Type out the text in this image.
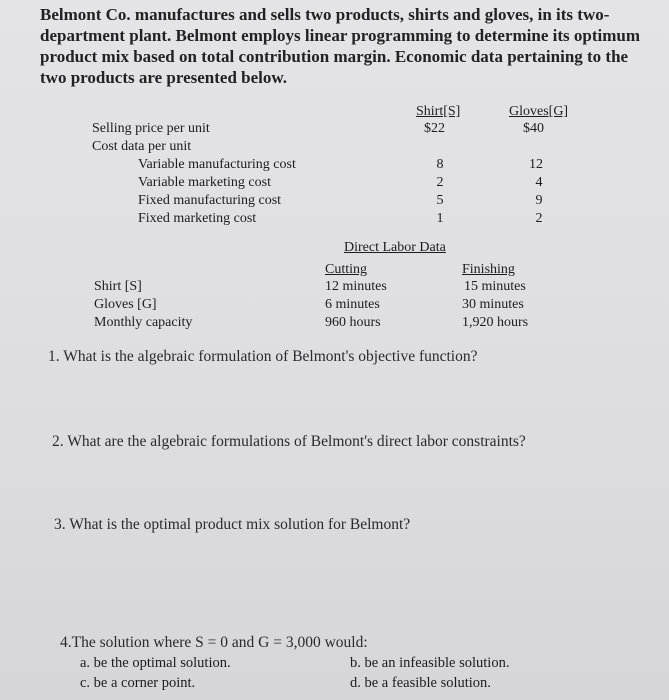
Belmont Co. manufactures and sells two products, shirts and gloves, in its two-
department plant. Belmont employs linear programming to determine its optimum
product mix based on total contribution margin. Economic data pertaining to the
two products are presented below.
Shirt[S]	Gloves[G]
Selling price per unit	$22	$40
Cost data per unit
Variable manufacturing cost	8	12
Variable marketing cost	2	4
Fixed manufacturing cost	5	9
Fixed marketing cost	1	2
Direct Labor Data
Cutting	Finishing
Shirt [S]	12 minutes	15 minutes
Gloves [G]	6 minutes	30 minutes
Monthly capacity	960 hours	1,920 hours
1. What is the algebraic formulation of Belmont's objective function?
2. What are the algebraic formulations of Belmont's direct labor constraints?
3. What is the optimal product mix solution for Belmont?
4.The solution where S = 0 and G = 3,000 would:
a. be the optimal solution.	b. be an infeasible solution.
c. be a corner point.	d. be a feasible solution.
